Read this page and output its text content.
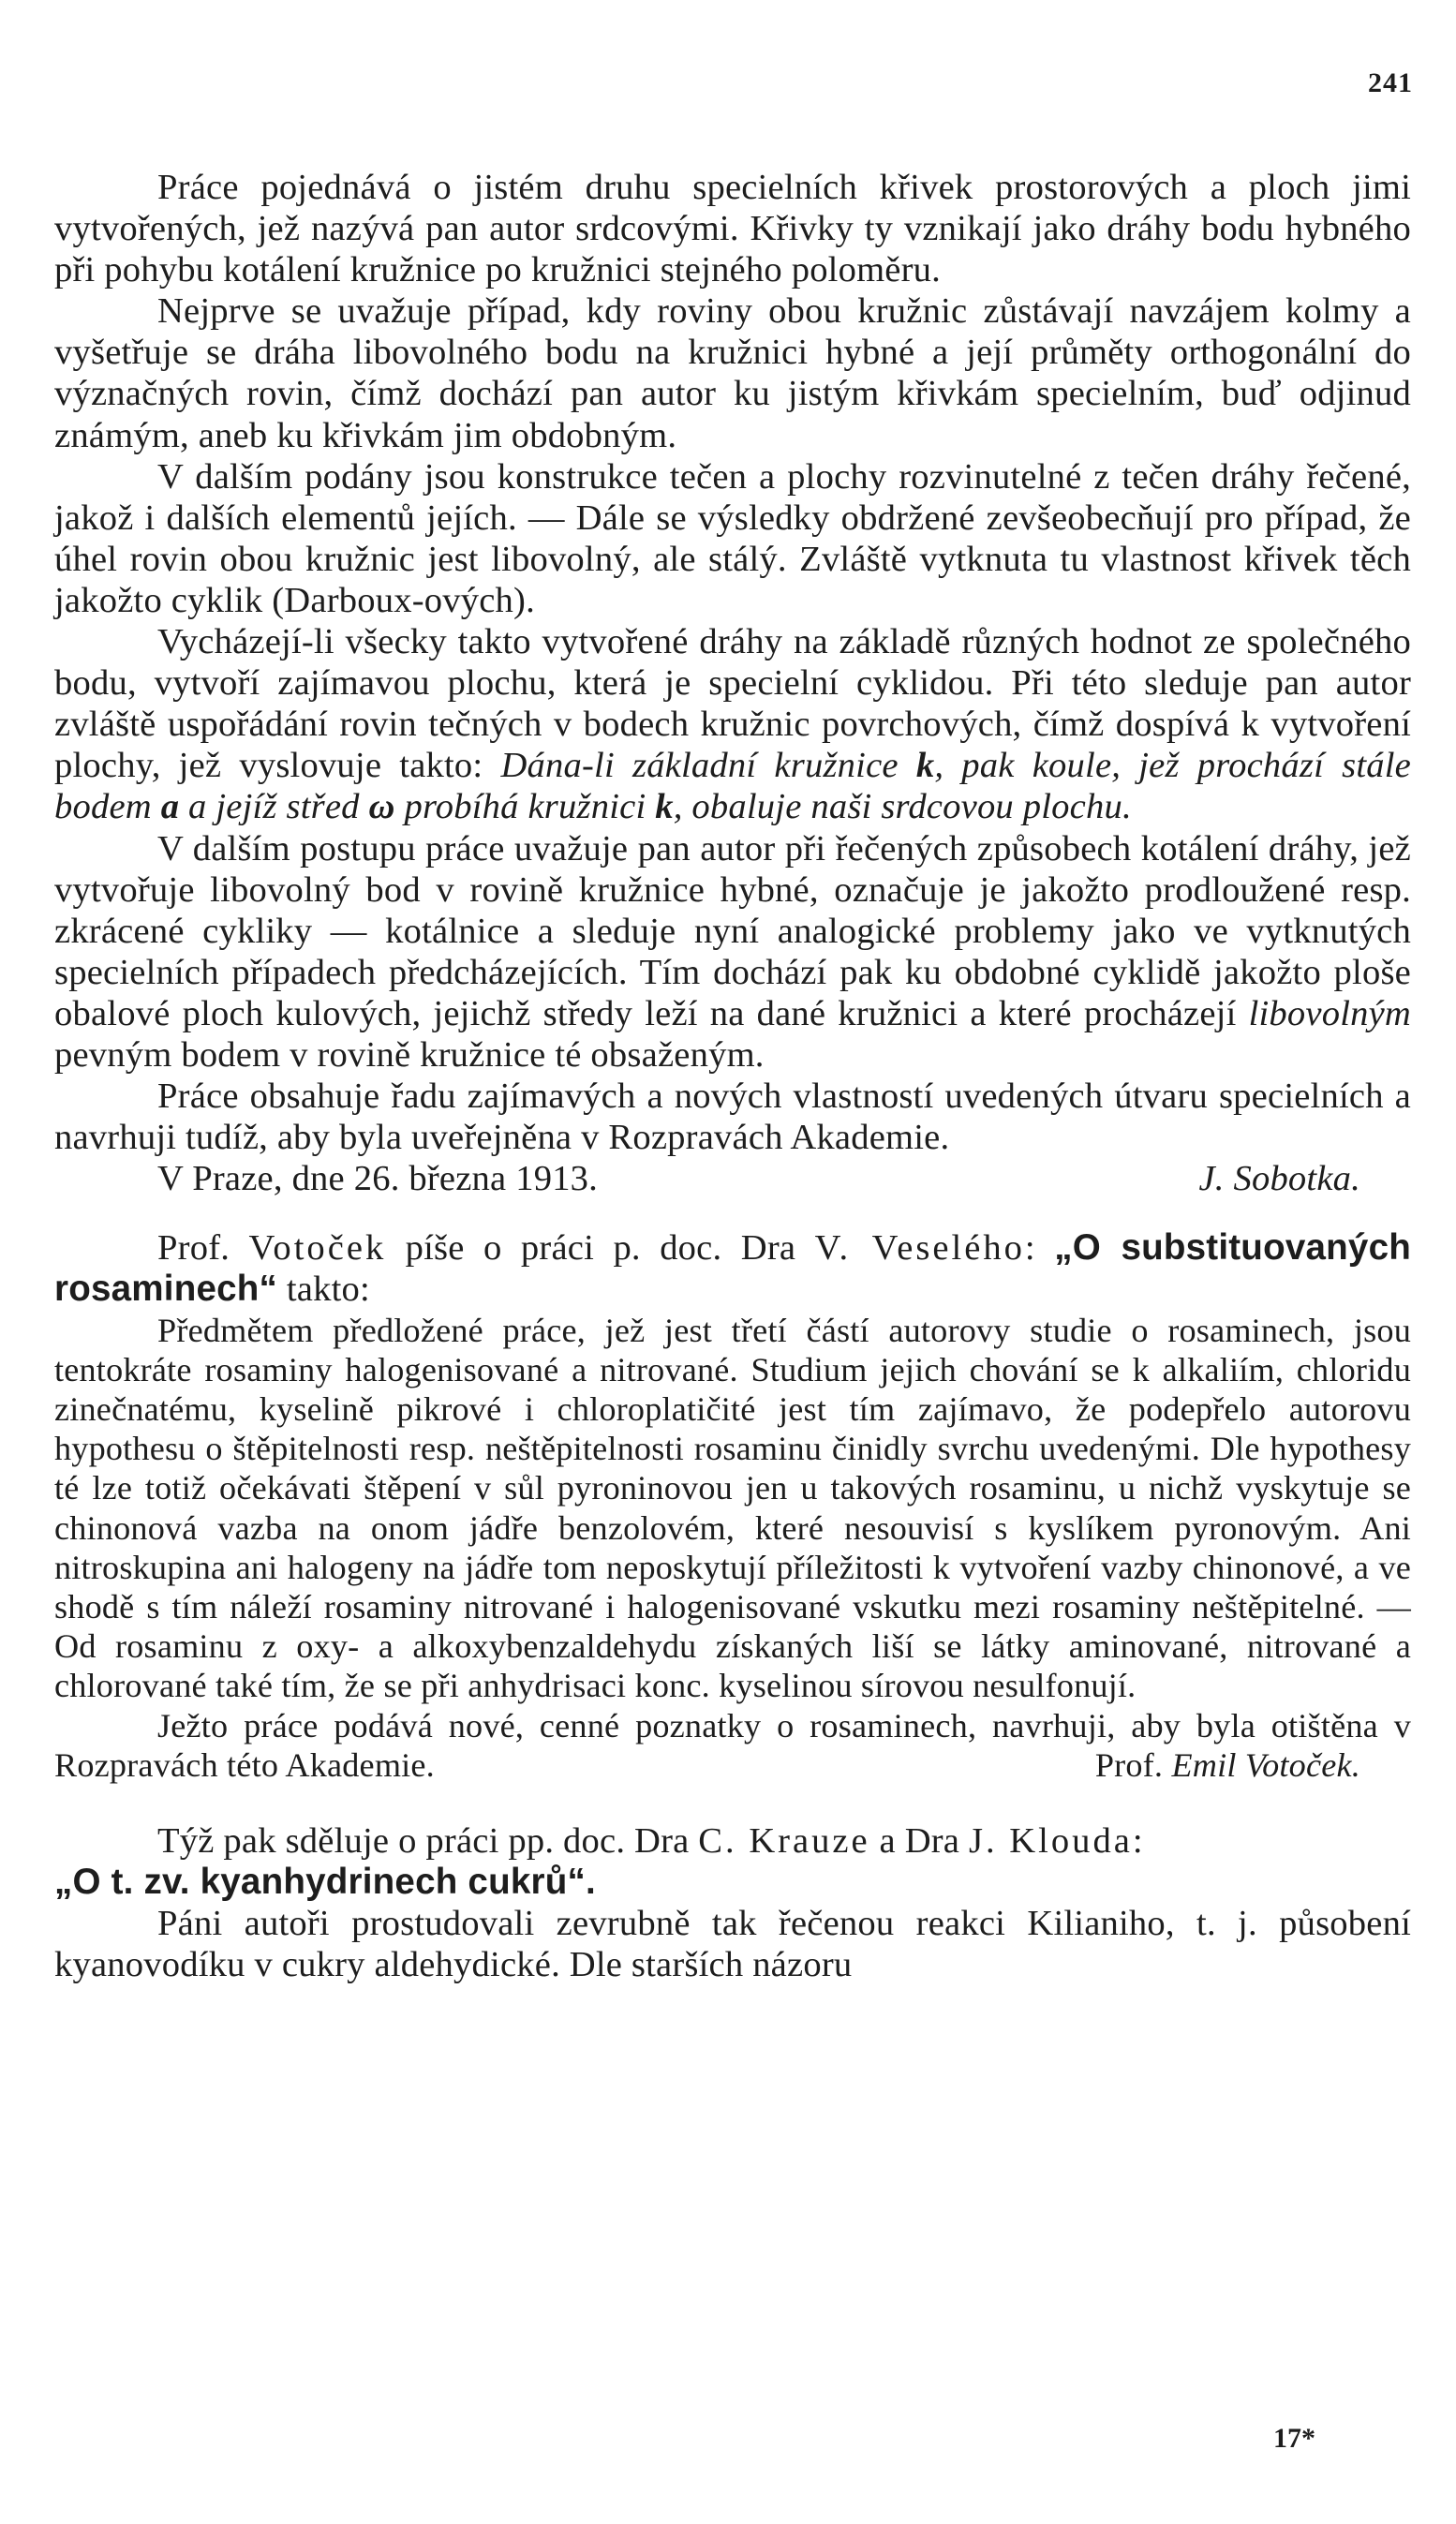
241

Práce pojednává o jistém druhu specielních křivek prostorových a ploch jimi vytvořených, jež nazývá pan autor srdcovými. Křivky ty vznikají jako dráhy bodu hybného při pohybu kotálení kružnice po kružnici stejného poloměru.

Nejprve se uvažuje případ, kdy roviny obou kružnic zůstávají navzájem kolmy a vyšetřuje se dráha libovolného bodu na kružnici hybné a její průměty orthogonální do význačných rovin, čímž dochází pan autor ku jistým křivkám specielním, buď odjinud známým, aneb ku křivkám jim obdobným.

V dalším podány jsou konstrukce tečen a plochy rozvinutelné z tečen dráhy řečené, jakož i dalších elementů jejích. — Dále se výsledky obdržené zevšeobecňují pro případ, že úhel rovin obou kružnic jest libovolný, ale stálý. Zvláště vytknuta tu vlastnost křivek těch jakožto cyklik (Darboux-ových).

Vycházejí-li všecky takto vytvořené dráhy na základě různých hodnot ze společného bodu, vytvoří zajímavou plochu, která je specielní cyklidou. Při této sleduje pan autor zvláště uspořádání rovin tečných v bodech kružnic povrchových, čímž dospívá k vytvoření plochy, jež vyslovuje takto: Dána-li základní kružnice k, pak koule, jež prochází stále bodem a a jejíž střed ω probíhá kružnici k, obaluje naši srdcovou plochu.

V dalším postupu práce uvažuje pan autor při řečených způsobech kotálení dráhy, jež vytvořuje libovolný bod v rovině kružnice hybné, označuje je jakožto prodloužené resp. zkrácené cykliky — kotálnice a sleduje nyní analogické problemy jako ve vytknutých specielních případech předcházejících. Tím dochází pak ku obdobné cyklidě jakožto ploše obalové ploch kulových, jejichž středy leží na dané kružnici a které procházejí libovolným pevným bodem v rovině kružnice té obsaženým.

Práce obsahuje řadu zajímavých a nových vlastností uvedených útvaru specielních a navrhuji tudíž, aby byla uveřejněna v Rozpravách Akademie.

V Praze, dne 26. března 1913.	J. Sobotka.

Prof. Votoček píše o práci p. doc. Dra V. Veselého: „O substituovaných rosaminech“ takto:

Předmětem předložené práce, jež jest třetí částí autorovy studie o rosaminech, jsou tentokráte rosaminy halogenisované a nitrované. Studium jejich chování se k alkaliím, chloridu zinečnatému, kyselině pikrové i chloroplatičité jest tím zajímavo, že podepřelo autorovu hypothesu o štěpitelnosti resp. neštěpitelnosti rosaminu činidly svrchu uvedenými. Dle hypothesy té lze totiž očekávati štěpení v sůl pyroninovou jen u takových rosaminu, u nichž vyskytuje se chinonová vazba na onom jádře benzolovém, které nesouvisí s kyslíkem pyronovým. Ani nitroskupina ani halogeny na jádře tom neposkytují příležitosti k vytvoření vazby chinonové, a ve shodě s tím náleží rosaminy nitrované i halogenisované vskutku mezi rosaminy neštěpitelné. — Od rosaminu z oxy- a alkoxybenzaldehydu získaných liší se látky aminované, nitrované a chlorované také tím, že se při anhydrisaci konc. kyselinou sírovou nesulfonují.

Ježto práce podává nové, cenné poznatky o rosaminech, navrhuji, aby byla otištěna v Rozpravách této Akademie.	Prof. Emil Votoček.

Týž pak sděluje o práci pp. doc. Dra C. Krauze a Dra J. Klouda:

„O t. zv. kyanhydrinech cukrů“.

Páni autoři prostudovali zevrubně tak řečenou reakci Kilianiho, t. j. působení kyanovodíku v cukry aldehydické. Dle starších názoru

17*
